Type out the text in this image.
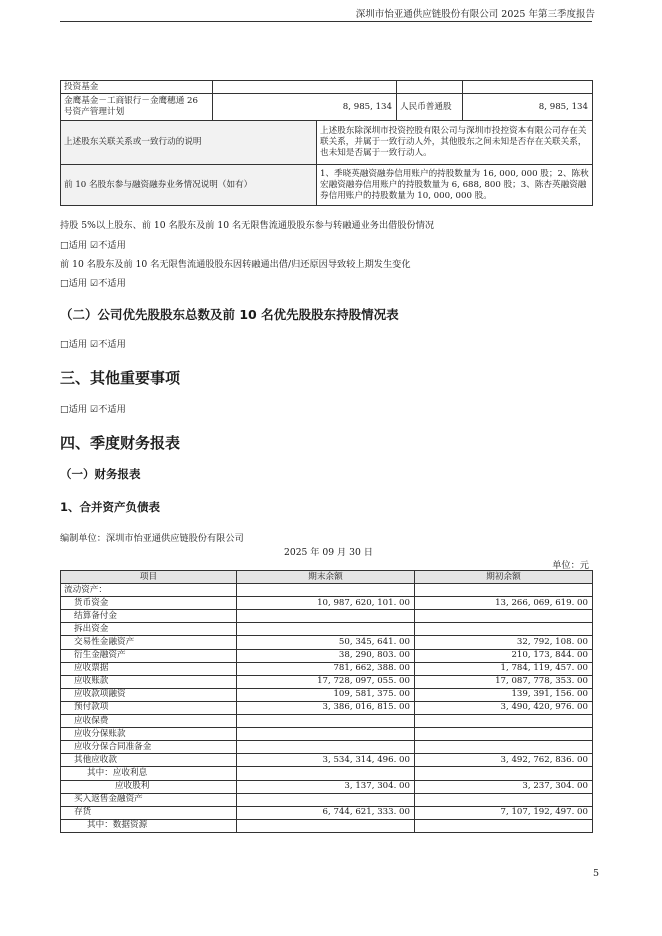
深圳市怡亚通供应链股份有限公司 2025 年第三季度报告
投资基金				
金鹰基金－工商银行－金鹰穗通 26 号资产管理计划	8, 985, 134		人民币普通股	8, 985, 134
上述股东关联关系或一致行动的说明		上述股东除深圳市投资控股有限公司与深圳市投控资本有限公司存在关联关系，并属于一致行动人外，其他股东之间未知是否存在关联关系，也未知是否属于一致行动人。		
前 10 名股东参与融资融券业务情况说明（如有）		1、季晓英融资融券信用账户的持股数量为 16, 000, 000 股；2、陈秋宏融资融券信用账户的持股数量为 6, 688, 800 股；3、陈杏英融资融券信用账户的持股数量为 10, 000, 000 股。		
持股 5%以上股东、前 10 名股东及前 10 名无限售流通股股东参与转融通业务出借股份情况
□适用 ☑不适用
前 10 名股东及前 10 名无限售流通股股东因转融通出借/归还原因导致较上期发生变化
□适用 ☑不适用
（二）公司优先股股东总数及前 10 名优先股股东持股情况表
□适用 ☑不适用
三、其他重要事项
□适用 ☑不适用
四、季度财务报表
（一）财务报表
1、合并资产负债表
编制单位：深圳市怡亚通供应链股份有限公司
2025 年 09 月 30 日
单位：元
项目	期末余额	期初余额
流动资产：		
货币资金	10, 987, 620, 101. 00	13, 266, 069, 619. 00
结算备付金		
拆出资金		
交易性金融资产	50, 345, 641. 00	32, 792, 108. 00
衍生金融资产	38, 290, 803. 00	210, 173, 844. 00
应收票据	781, 662, 388. 00	1, 784, 119, 457. 00
应收账款	17, 728, 097, 055. 00	17, 087, 778, 353. 00
应收款项融资	109, 581, 375. 00	139, 391, 156. 00
预付款项	3, 386, 016, 815. 00	3, 490, 420, 976. 00
应收保费		
应收分保账款		
应收分保合同准备金		
其他应收款	3, 534, 314, 496. 00	3, 492, 762, 836. 00
其中：应收利息		
应收股利	3, 137, 304. 00	3, 237, 304. 00
买入返售金融资产		
存货	6, 744, 621, 333. 00	7, 107, 192, 497. 00
其中：数据资源		
5
